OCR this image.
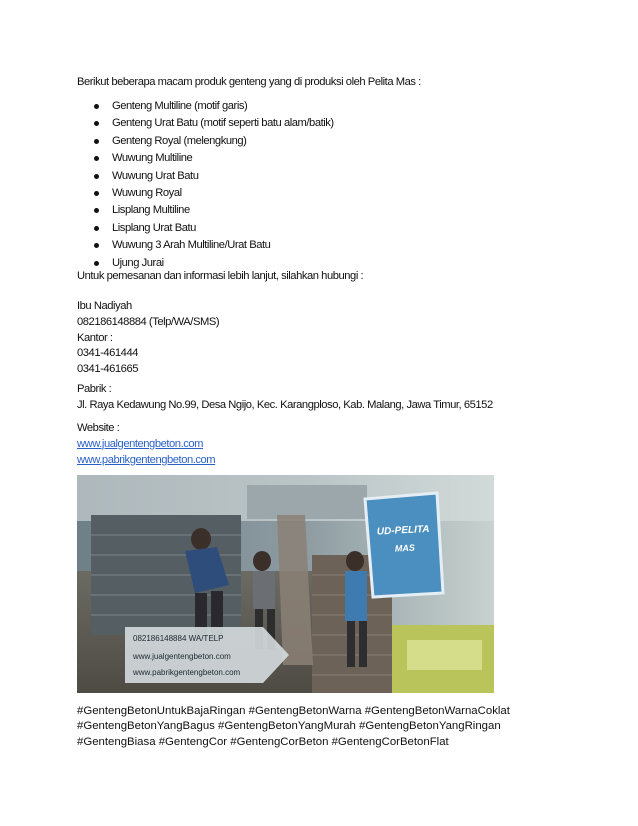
Berikut beberapa macam produk genteng yang di produksi oleh Pelita Mas :
Genteng Multiline (motif garis)
Genteng Urat Batu (motif seperti batu alam/batik)
Genteng Royal (melengkung)
Wuwung Multiline
Wuwung Urat Batu
Wuwung Royal
Lisplang Multiline
Lisplang Urat Batu
Wuwung 3 Arah Multiline/Urat Batu
Ujung Jurai
Untuk pemesanan dan informasi lebih lanjut, silahkan hubungi :
Ibu Nadiyah
082186148884 (Telp/WA/SMS)
Kantor :
0341-461444
0341-461665
Pabrik :
Jl. Raya Kedawung No.99, Desa Ngijo, Kec. Karangploso, Kab. Malang, Jawa Timur, 65152
Website :
www.jualgentengbeton.com
www.pabrikgentengbeton.com
UD-PELITA
MAS
082186148884 WA/TELP
www.jualgentengbeton.com
www.pabrikgentengbeton.com
#GentengBetonUntukBajaRingan #GentengBetonWarna #GentengBetonWarnaCoklat
#GentengBetonYangBagus #GentengBetonYangMurah #GentengBetonYangRingan
#GentengBiasa #GentengCor #GentengCorBeton #GentengCorBetonFlat
